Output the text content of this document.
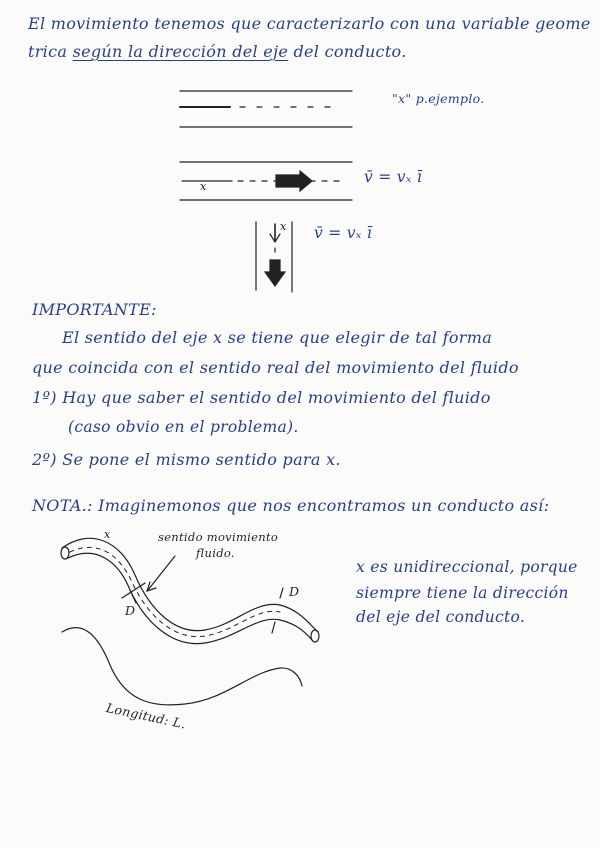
El movimiento tenemos que caracterizarlo con una variable geome
trica según la dirección del eje del conducto.
"x" p.ejemplo.
x
v̄ = vₓ ī
x v̄ = vₓ ī
IMPORTANTE:
El sentido del eje x se tiene que elegir de tal forma
que coincida con el sentido real del movimiento del fluido
1º) Hay que saber el sentido del movimiento del fluido
(caso obvio en el problema).
2º) Se pone el mismo sentido para x.
NOTA.: Imaginemonos que nos encontramos un conducto así:
x	sentido movimiento
fluido.
D
D
Longitud: L.
x es unidireccional, porque
siempre tiene la dirección
del eje del conducto.
